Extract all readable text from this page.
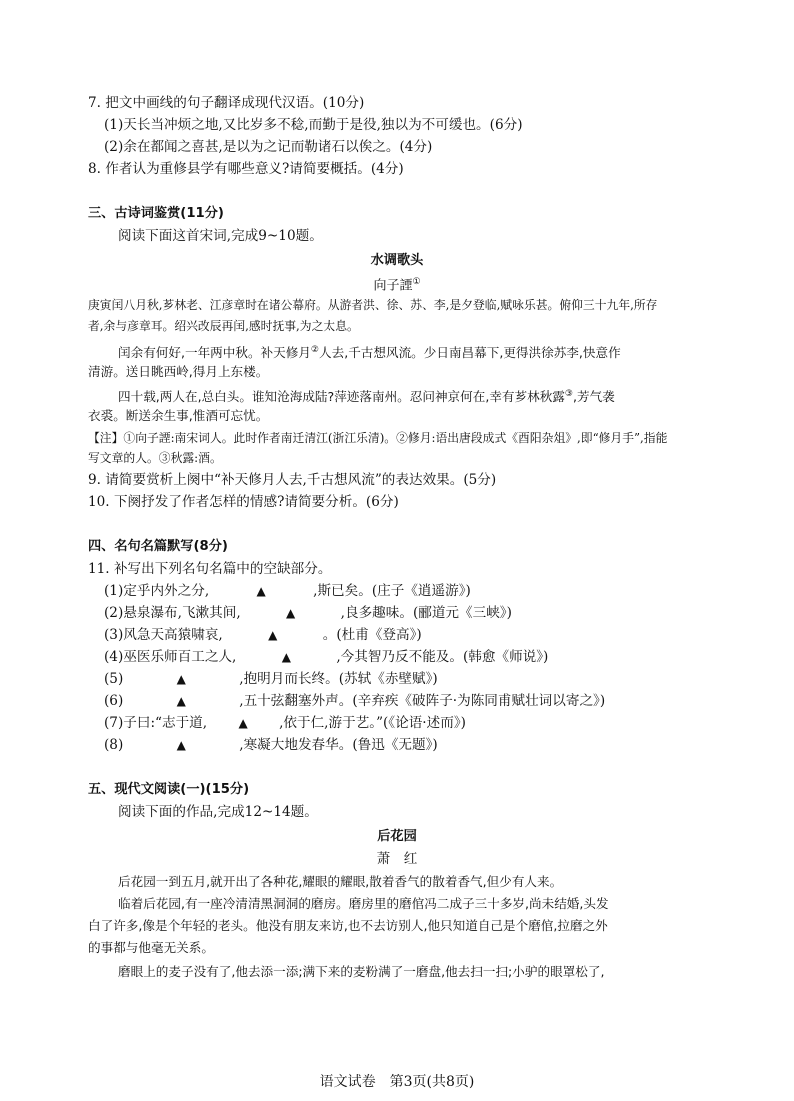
7. 把文中画线的句子翻译成现代汉语。(10分)
(1)天长当冲烦之地,又比岁多不稔,而勤于是役,独以为不可缓也。(6分)
(2)余在都闻之喜甚,是以为之记而勒诸石以俟之。(4分)
8. 作者认为重修县学有哪些意义?请简要概括。(4分)
三、古诗词鉴赏(11分)
阅读下面这首宋词,完成9~10题。
水调歌头
向子諲①
庚寅闰八月秋,芗林老、江彦章时在诸公幕府。从游者洪、徐、苏、李,是夕登临,赋咏乐甚。俯仰三十九年,所存
者,余与彦章耳。绍兴改辰再闰,感时抚事,为之太息。
闰余有何好,一年两中秋。补天修月②人去,千古想风流。少日南昌幕下,更得洪徐苏李,快意作
清游。送日眺西岭,得月上东楼。
四十载,两人在,总白头。谁知沧海成陆?萍迹落南州。忍问神京何在,幸有芗林秋露③,芳气袭
衣裘。断送余生事,惟酒可忘忧。
【注】①向子諲:南宋词人。此时作者南迁清江(浙江乐清)。②修月:语出唐段成式《酉阳杂俎》,即“修月手”,指能
写文章的人。③秋露:酒。
9. 请简要赏析上阕中“补天修月人去,千古想风流”的表达效果。(5分)
10. 下阕抒发了作者怎样的情感?请简要分析。(6分)
四、名句名篇默写(8分)
11. 补写出下列名句名篇中的空缺部分。
(1)定乎内外之分,	▲	,斯已矣。(庄子《逍遥游》)
(2)悬泉瀑布,飞漱其间,	▲	,良多趣味。(郦道元《三峡》)
(3)风急天高猿啸哀,	▲	。(杜甫《登高》)
(4)巫医乐师百工之人,	▲	,今其智乃反不能及。(韩愈《师说》)
(5)	▲	,抱明月而长终。(苏轼《赤壁赋》)
(6)	▲	,五十弦翻塞外声。(辛弃疾《破阵子·为陈同甫赋壮词以寄之》)
(7)子曰:“志于道,	▲ ,依于仁,游于艺。”(《论语·述而》)
(8)	▲	,寒凝大地发春华。(鲁迅《无题》)
五、现代文阅读(一)(15分)
阅读下面的作品,完成12~14题。
后花园
萧　红
后花园一到五月,就开出了各种花,耀眼的耀眼,散着香气的散着香气,但少有人来。
临着后花园,有一座冷清清黑洞洞的磨房。磨房里的磨倌冯二成子三十多岁,尚未结婚,头发
白了许多,像是个年轻的老头。他没有朋友来访,也不去访别人,他只知道自己是个磨倌,拉磨之外
的事都与他毫无关系。
磨眼上的麦子没有了,他去添一添;满下来的麦粉满了一磨盘,他去扫一扫;小驴的眼罩松了,
语文试卷　第3页(共8页)
